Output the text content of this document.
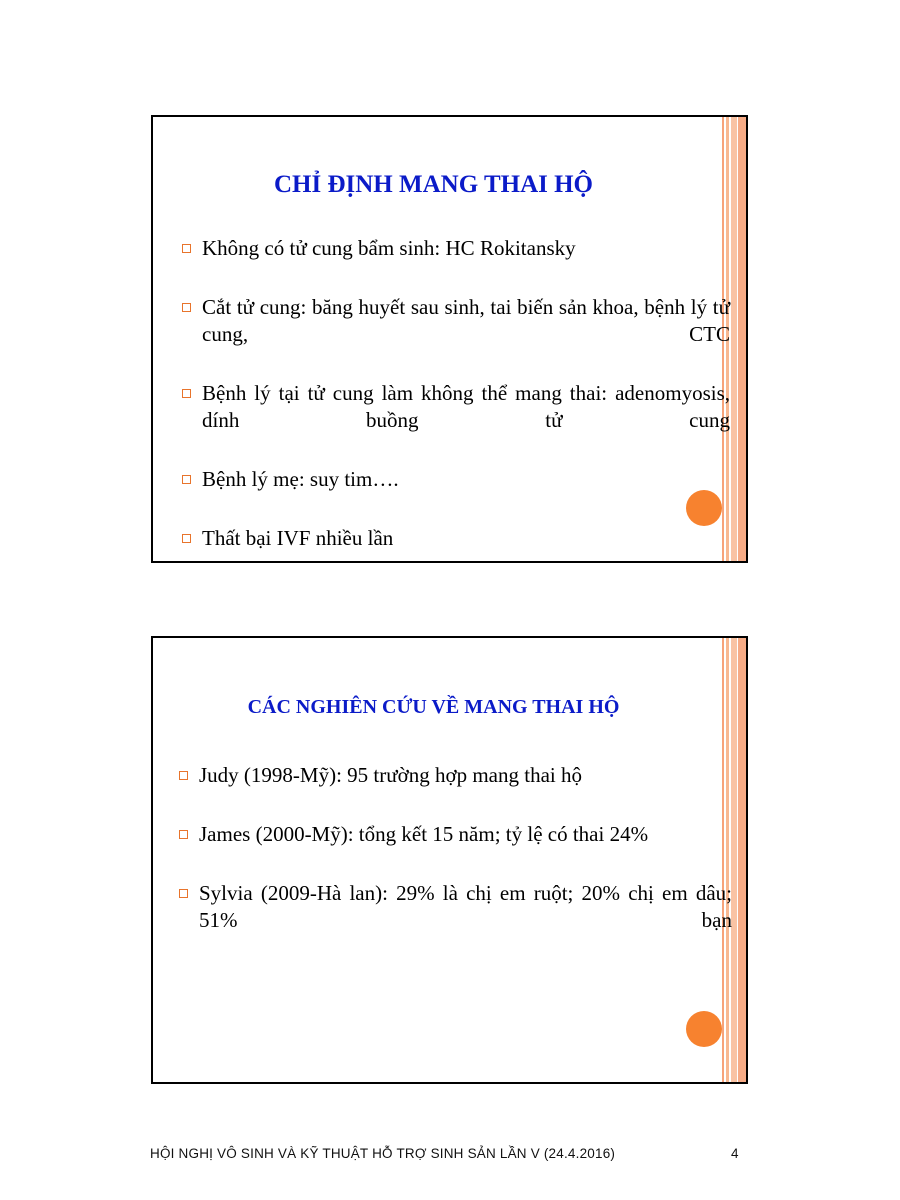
CHỈ ĐỊNH MANG THAI HỘ
Không có tử cung bẩm sinh: HC Rokitansky
Cắt tử cung: băng huyết sau sinh, tai biến sản khoa, bệnh lý tử cung, CTC
Bệnh lý tại tử cung làm không thể mang thai: adenomyosis, dính buồng tử cung
Bệnh lý mẹ: suy tim….
Thất bại IVF nhiều lần
CÁC NGHIÊN CỨU VỀ MANG THAI HỘ
Judy (1998-Mỹ): 95 trường hợp mang thai hộ
James (2000-Mỹ): tổng kết 15 năm; tỷ lệ có thai 24%
Sylvia (2009-Hà lan): 29% là chị em ruột; 20% chị em dâu; 51% bạn
HỘI NGHỊ VÔ SINH VÀ KỸ THUẬT HỖ TRỢ SINH SẢN LẦN V (24.4.2016)	4
